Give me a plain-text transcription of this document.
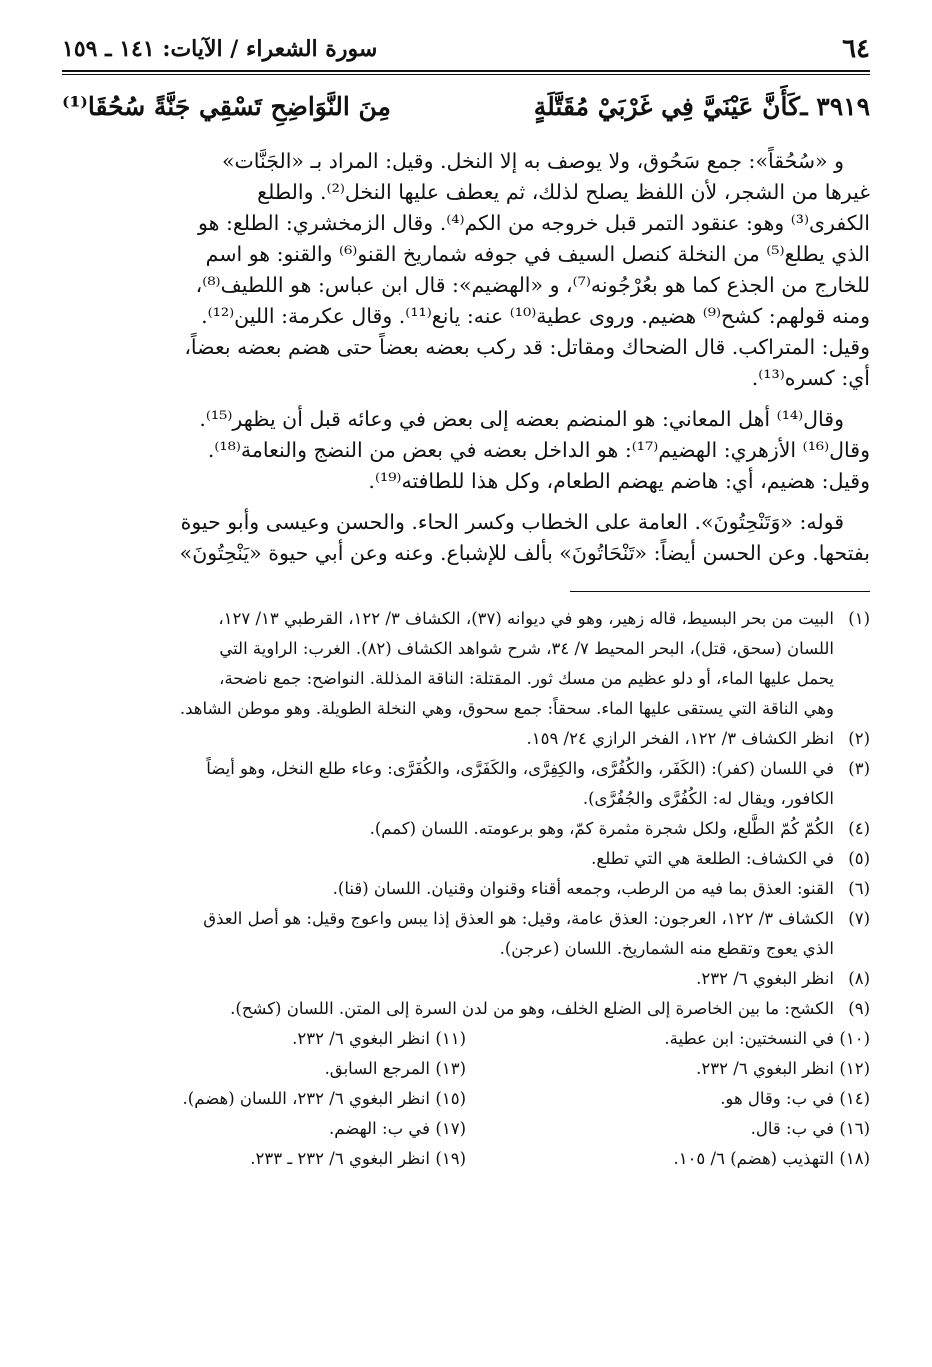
٦٤
سورة الشعراء / الآيات: ١٤١ ـ ١٥٩
٣٩١٩ ـ
كَأَنَّ عَيْنَيَّ فِي غَرْبَيْ مُقَتَّلَةٍ
مِنَ النَّوَاضِحِ تَسْقِي جَنَّةً سُحُقَا⁽¹⁾

و «سُحُقاً»: جمع سَحُوق، ولا يوصف به إلا النخل. وقيل: المراد بـ «الجَنَّات»
غيرها من الشجر، لأن اللفظ يصلح لذلك، ثم يعطف عليها النخل⁽²⁾. والطلع
الكفرى⁽³⁾ وهو: عنقود التمر قبل خروجه من الكم⁽⁴⁾. وقال الزمخشري: الطلع: هو
الذي يطلع⁽⁵⁾ من النخلة كنصل السيف في جوفه شماريخ القنو⁽⁶⁾ والقنو: هو اسم
للخارج من الجذع كما هو بعُرْجُونه⁽⁷⁾، و «الهضيم»: قال ابن عباس: هو اللطيف⁽⁸⁾،
ومنه قولهم: كشح⁽⁹⁾ هضيم. وروى عطية⁽¹⁰⁾ عنه: يانع⁽¹¹⁾. وقال عكرمة: اللين⁽¹²⁾.
وقيل: المتراكب. قال الضحاك ومقاتل: قد ركب بعضه بعضاً حتى هضم بعضه بعضاً،
أي: كسره⁽¹³⁾.

وقال⁽¹⁴⁾ أهل المعاني: هو المنضم بعضه إلى بعض في وعائه قبل أن يظهر⁽¹⁵⁾.
وقال⁽¹⁶⁾ الأزهري: الهضيم⁽¹⁷⁾: هو الداخل بعضه في بعض من النضج والنعامة⁽¹⁸⁾.
وقيل: هضيم، أي: هاضم يهضم الطعام، وكل هذا للطافته⁽¹⁹⁾.

قوله: «وَتَنْحِتُونَ». العامة على الخطاب وكسر الحاء. والحسن وعيسى وأبو حيوة
بفتحها. وعن الحسن أيضاً: «تَنْحَاتُونَ» بألف للإشباع. وعنه وعن أبي حيوة «يَنْحِتُونَ»

(١)
البيت من بحر البسيط، قاله زهير، وهو في ديوانه (٣٧)، الكشاف ٣/ ١٢٢، القرطبي ١٣/ ١٢٧،
اللسان (سحق، قتل)، البحر المحيط ٧/ ٣٤، شرح شواهد الكشاف (٨٢). الغرب: الراوية التي
يحمل عليها الماء، أو دلو عظيم من مسك ثور. المقتلة: الناقة المذللة. النواضح: جمع ناضحة،
وهي الناقة التي يستقى عليها الماء. سحقاً: جمع سحوق، وهي النخلة الطويلة. وهو موطن الشاهد.
(٢)
انظر الكشاف ٣/ ١٢٢، الفخر الرازي ٢٤/ ١٥٩.
(٣)
في اللسان (كفر): (الكَفَر، والكُفُرَّى، والكِفِرَّى، والكَفَرَّى، والكُفَرَّى: وعاء طلع النخل، وهو أيضاً
الكافور، ويقال له: الكُفُرَّى والجُفُرَّى).
(٤)
الكُمّ كُمّ الطَّلع، ولكل شجرة مثمرة كمّ، وهو برعومته. اللسان (كمم).
(٥)
في الكشاف: الطلعة هي التي تطلع.
(٦)
القنو: العذق بما فيه من الرطب، وجمعه أقناء وقنوان وقنيان. اللسان (قنا).
(٧)
الكشاف ٣/ ١٢٢، العرجون: العذق عامة، وقيل: هو العذق إذا يبس واعوج وقيل: هو أصل العذق
الذي يعوج وتقطع منه الشماريخ. اللسان (عرجن).
(٨)
انظر البغوي ٦/ ٢٣٢.
(٩)
الكشح: ما بين الخاصرة إلى الضلع الخلف، وهو من لدن السرة إلى المتن. اللسان (كشح).
(١٠)
في النسختين: ابن عطية.
(١١)
انظر البغوي ٦/ ٢٣٢.
(١٢)
انظر البغوي ٦/ ٢٣٢.
(١٣)
المرجع السابق.
(١٤)
في ب: وقال هو.
(١٥)
انظر البغوي ٦/ ٢٣٢، اللسان (هضم).
(١٦)
في ب: قال.
(١٧)
في ب: الهضم.
(١٨)
التهذيب (هضم) ٦/ ١٠٥.
(١٩)
انظر البغوي ٦/ ٢٣٢ ـ ٢٣٣.
